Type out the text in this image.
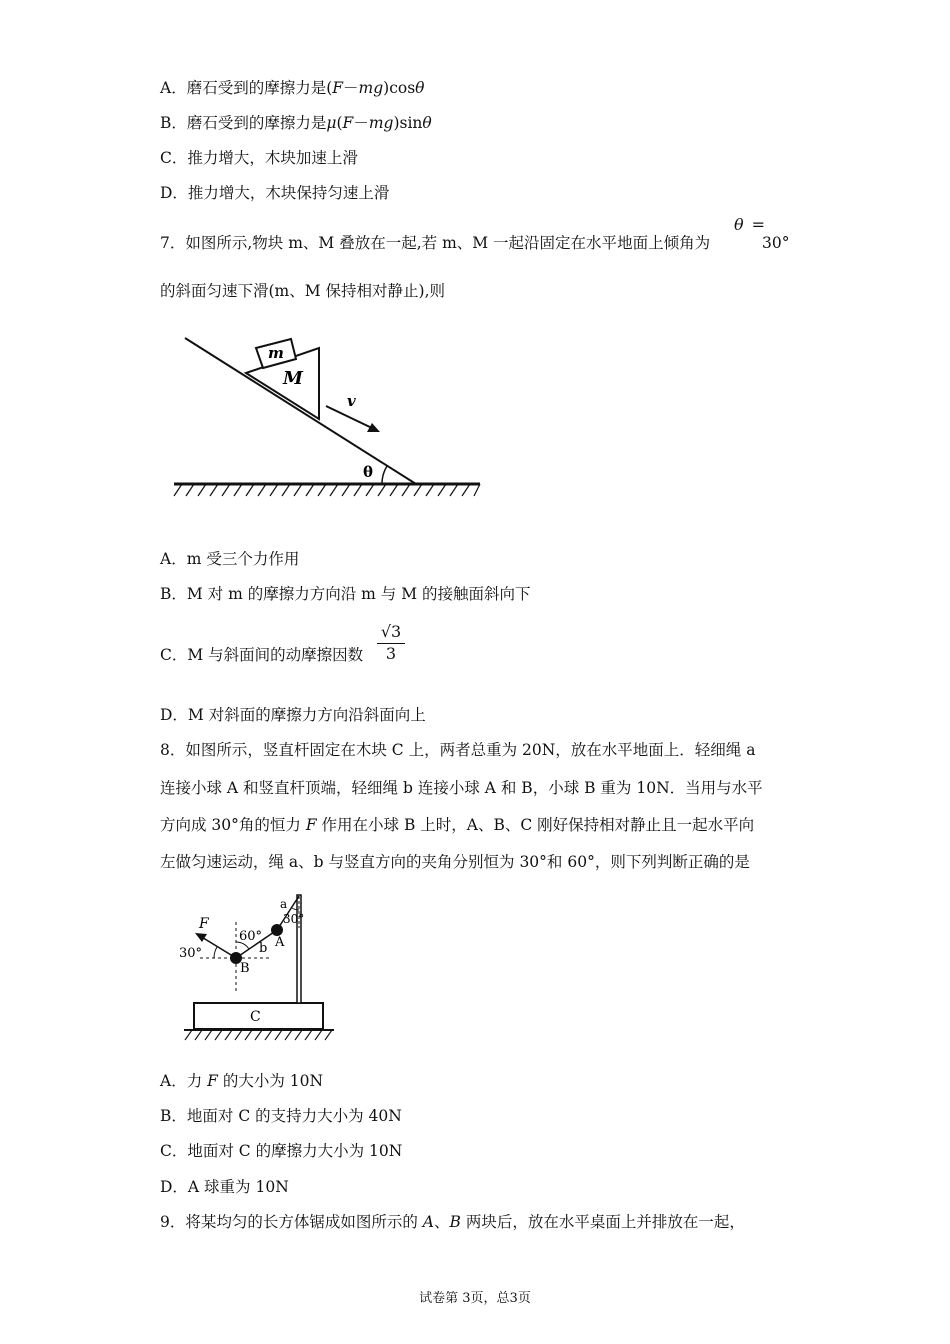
A．磨石受到的摩擦力是(F－mg)cosθ
B．磨石受到的摩擦力是μ(F－mg)sinθ
C．推力增大，木块加速上滑
D．推力增大，木块保持匀速上滑
7．如图所示,物块 m、M 叠放在一起,若 m、M 一起沿固定在水平地面上倾角为
θ =
30°
的斜面匀速下滑(m、M 保持相对静止),则
m
M
v
θ
A．m 受三个力作用
B．M 对 m 的摩擦力方向沿 m 与 M 的接触面斜向下
C．M 与斜面间的动摩擦因数
√3
3
D．M 对斜面的摩擦力方向沿斜面向上
8．如图所示，竖直杆固定在木块 C 上，两者总重为 20N，放在水平地面上．轻细绳 a
连接小球 A 和竖直杆顶端，轻细绳 b 连接小球 A 和 B，小球 B 重为 10N．当用与水平
方向成 30°角的恒力 F 作用在小球 B 上时，A、B、C 刚好保持相对静止且一起水平向
左做匀速运动，绳 a、b 与竖直方向的夹角分别恒为 30°和 60°，则下列判断正确的是
C
F
30°
60°
b A
B
a
30°
A．力 F 的大小为 10N
B．地面对 C 的支持力大小为 40N
C．地面对 C 的摩擦力大小为 10N
D．A 球重为 10N
9．将某均匀的长方体锯成如图所示的 A、B 两块后，放在水平桌面上并排放在一起，
试卷第 3页，总3页
